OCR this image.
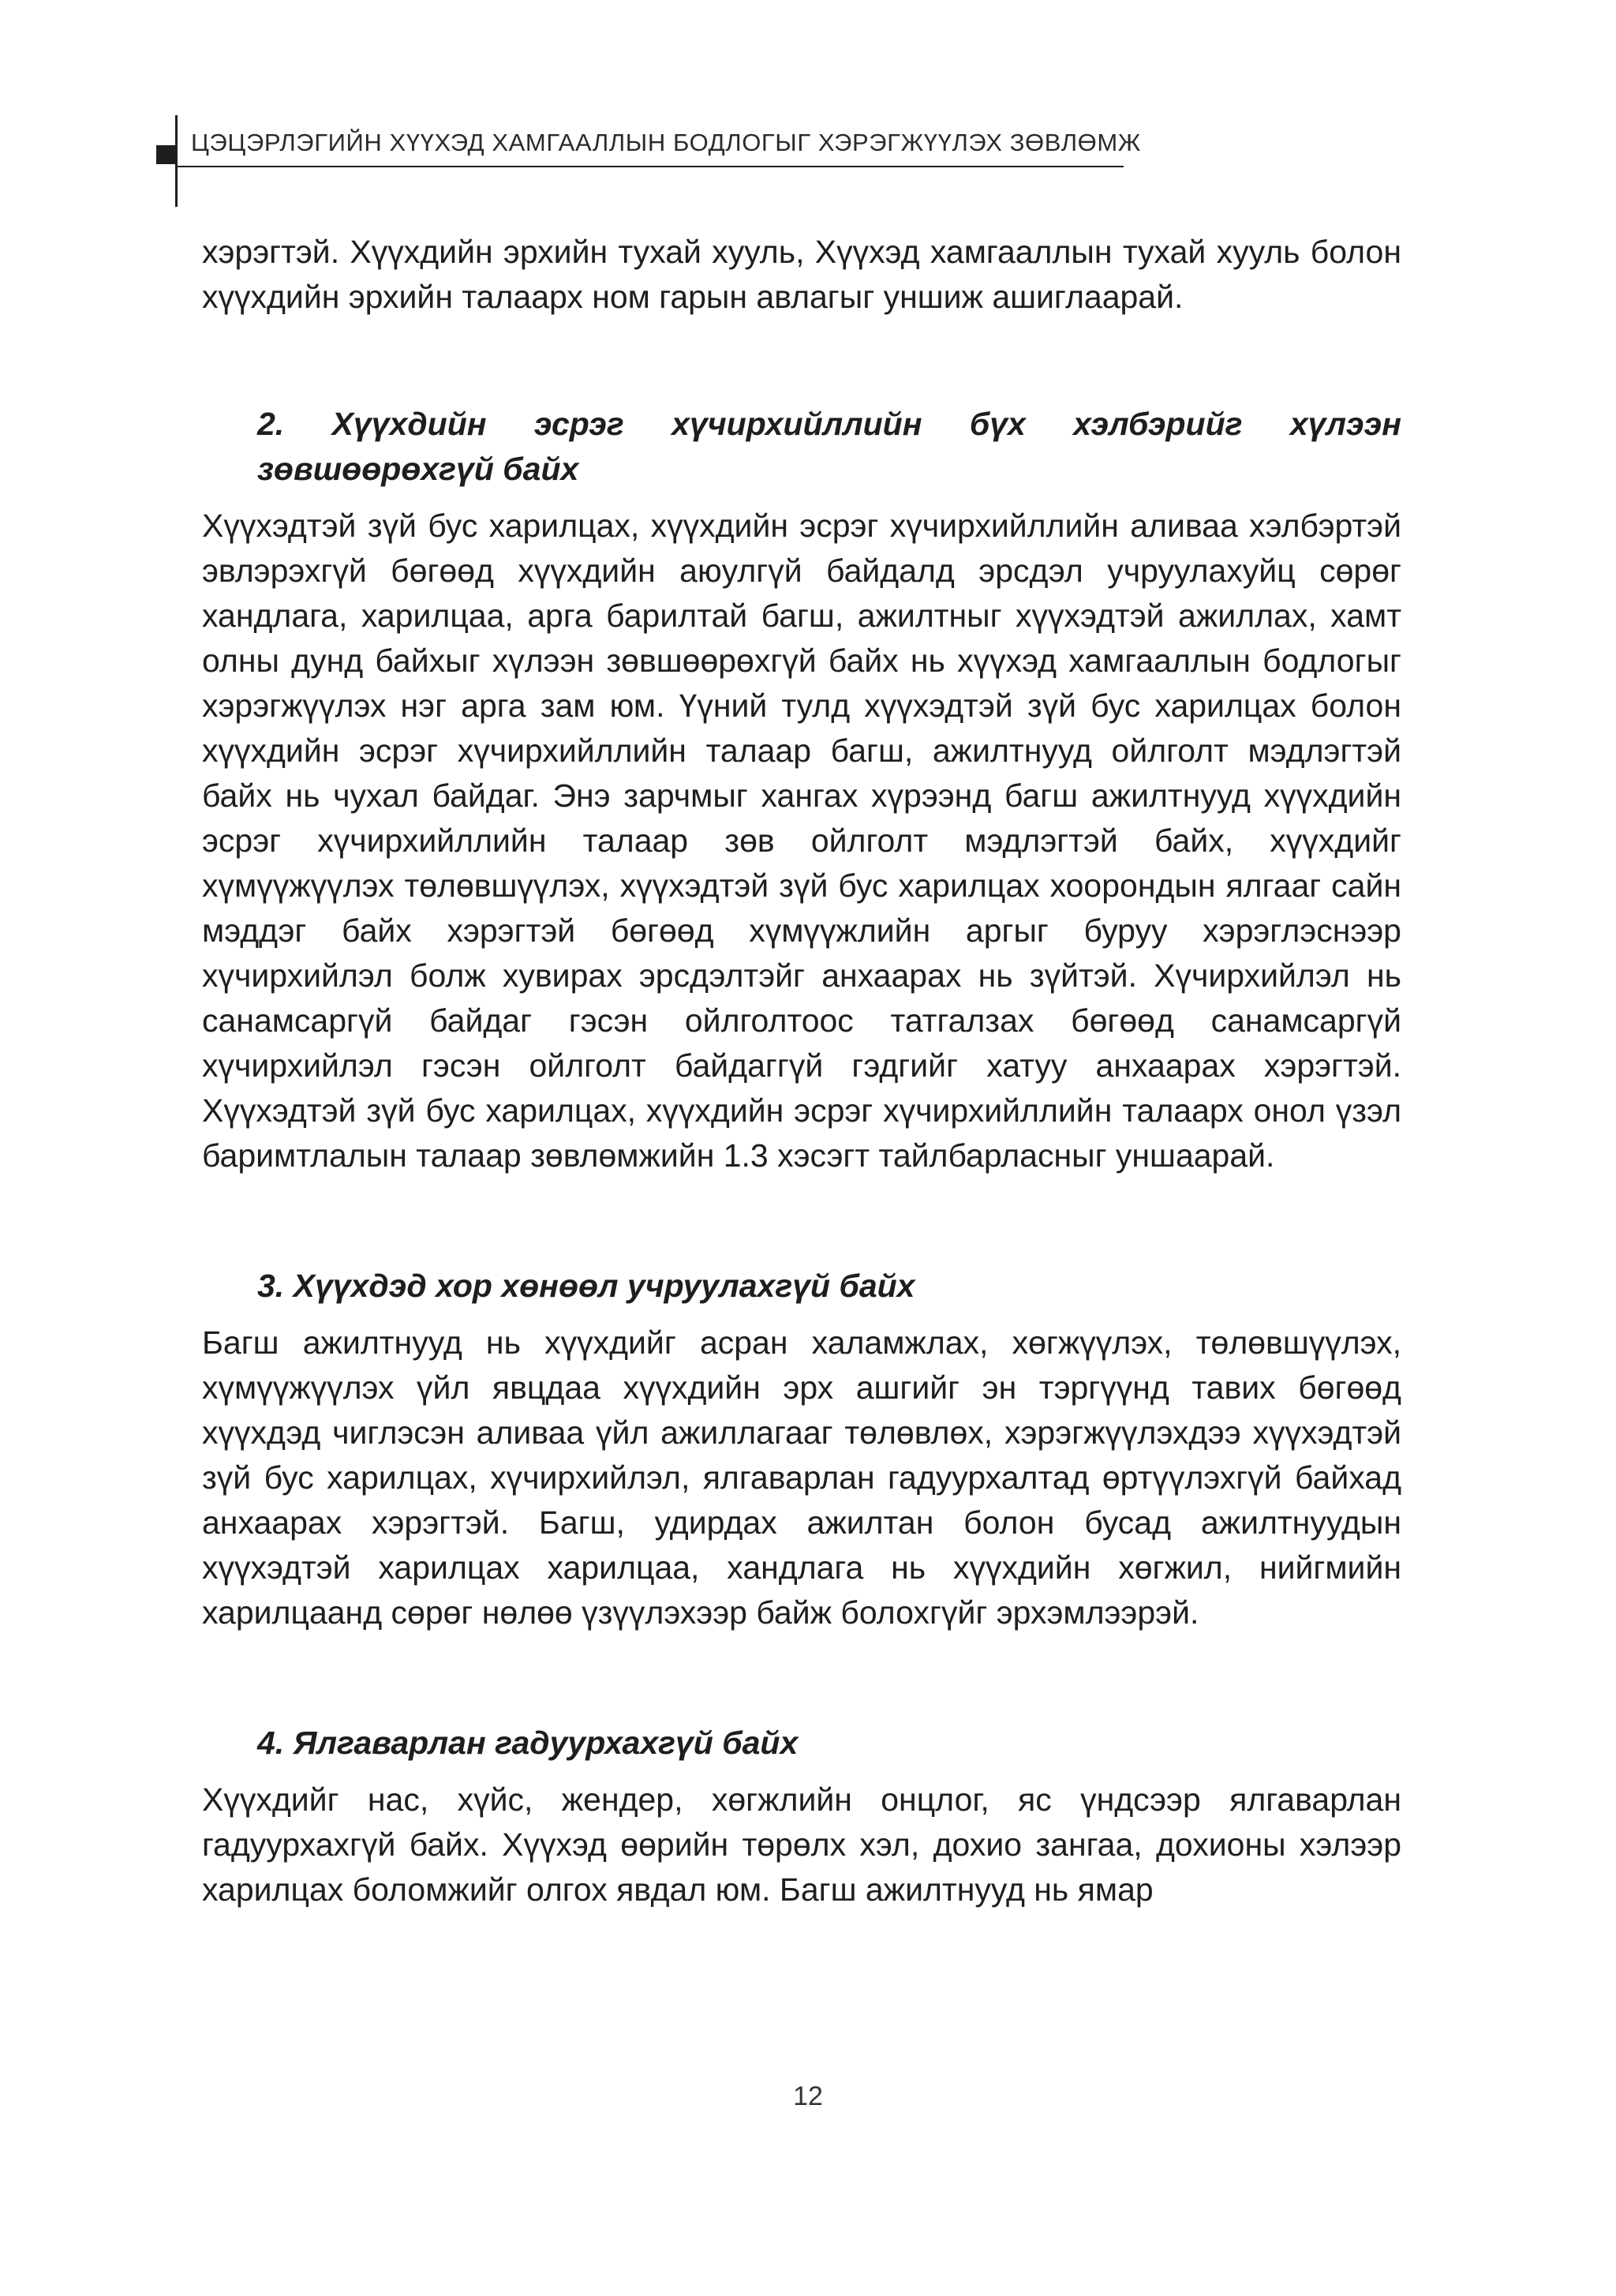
ЦЭЦЭРЛЭГИЙН ХҮҮХЭД ХАМГААЛЛЫН БОДЛОГЫГ ХЭРЭГЖҮҮЛЭХ ЗӨВЛӨМЖ

хэрэгтэй. Хүүхдийн эрхийн тухай хууль, Хүүхэд хамгааллын тухай хууль болон хүүхдийн эрхийн талаарх ном гарын авлагыг уншиж ашиглаарай.

2. Хүүхдийн эсрэг хүчирхийллийн бүх хэлбэрийг хүлээн зөвшөөрөхгүй байх

Хүүхэдтэй зүй бус харилцах, хүүхдийн эсрэг хүчирхийллийн аливаа хэлбэртэй эвлэрэхгүй бөгөөд хүүхдийн аюулгүй байдалд эрсдэл учруулахуйц сөрөг хандлага, харилцаа, арга барилтай багш, ажилтныг хүүхэдтэй ажиллах, хамт олны дунд байхыг хүлээн зөвшөөрөхгүй байх нь хүүхэд хамгааллын бодлогыг хэрэгжүүлэх нэг арга зам юм. Үүний тулд хүүхэдтэй зүй бус харилцах болон хүүхдийн эсрэг хүчирхийллийн талаар багш, ажилтнууд ойлголт мэдлэгтэй байх нь чухал байдаг. Энэ зарчмыг хангах хүрээнд багш ажилтнууд хүүхдийн эсрэг хүчирхийллийн талаар зөв ойлголт мэдлэгтэй байх, хүүхдийг хүмүүжүүлэх төлөвшүүлэх, хүүхэдтэй зүй бус харилцах хоорондын ялгааг сайн мэддэг байх хэрэгтэй бөгөөд хүмүүжлийн аргыг буруу хэрэглэснээр хүчирхийлэл болж хувирах эрсдэлтэйг анхаарах нь зүйтэй. Хүчирхийлэл нь санамсаргүй байдаг гэсэн ойлголтоос татгалзах бөгөөд санамсаргүй хүчирхийлэл гэсэн ойлголт байдаггүй гэдгийг хатуу анхаарах хэрэгтэй. Хүүхэдтэй зүй бус харилцах, хүүхдийн эсрэг хүчирхийллийн талаарх онол үзэл баримтлалын талаар зөвлөмжийн 1.3 хэсэгт тайлбарласныг уншаарай.

3. Хүүхдэд хор хөнөөл учруулахгүй байх

Багш ажилтнууд нь хүүхдийг асран халамжлах, хөгжүүлэх, төлөвшүүлэх, хүмүүжүүлэх үйл явцдаа хүүхдийн эрх ашгийг эн тэргүүнд тавих бөгөөд хүүхдэд чиглэсэн аливаа үйл ажиллагааг төлөвлөх, хэрэгжүүлэхдээ хүүхэдтэй зүй бус харилцах, хүчирхийлэл, ялгаварлан гадуурхалтад өртүүлэхгүй байхад анхаарах хэрэгтэй. Багш, удирдах ажилтан болон бусад ажилтнуудын хүүхэдтэй харилцах харилцаа, хандлага нь хүүхдийн хөгжил, нийгмийн харилцаанд сөрөг нөлөө үзүүлэхээр байж болохгүйг эрхэмлээрэй.

4. Ялгаварлан гадуурхахгүй байх

Хүүхдийг нас, хүйс, жендер, хөгжлийн онцлог, яс үндсээр ялгаварлан гадуурхахгүй байх. Хүүхэд өөрийн төрөлх хэл, дохио зангаа, дохионы хэлээр харилцах боломжийг олгох явдал юм. Багш ажилтнууд нь ямар

12
